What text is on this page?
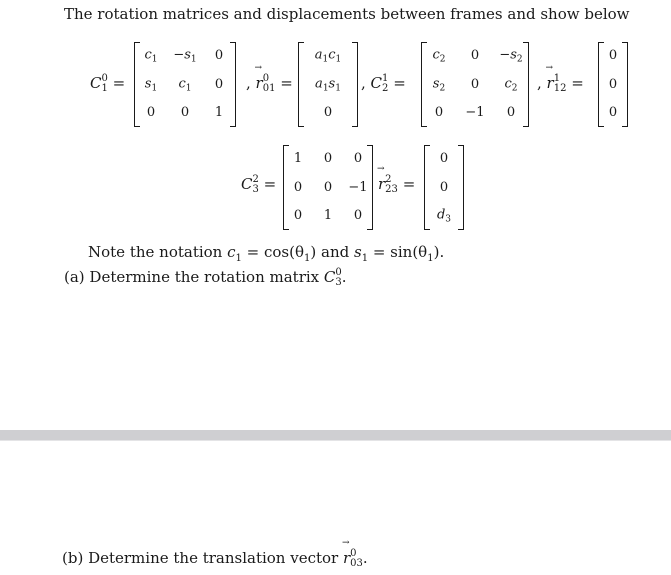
The rotation matrices and displacements between frames and show below
C 0
1 =
$c_1 -s_1$ 0
$s_1$ $c_1$ 0
0 0 1
, → r 0
01 =
$a_1c_1$
$a_1s_1$
0
, C 1
2 =
$c_2$ $0 -s_2$
$s_2$ 0 $c_2$
0 −1 0
, → r 1
12 =
0
0
0
C 2
3 =
1 0 0
0 0 −1
0 1 0
→ r 2
23 =
0
0
$d_3$
Note the notation $c_1 = \cos(\theta_1)$ and $s_1 = \sin(\theta_1)$.
(a) Determine the rotation matrix C 0
3 .
(b) Determine the translation vector → r 0
03 .
